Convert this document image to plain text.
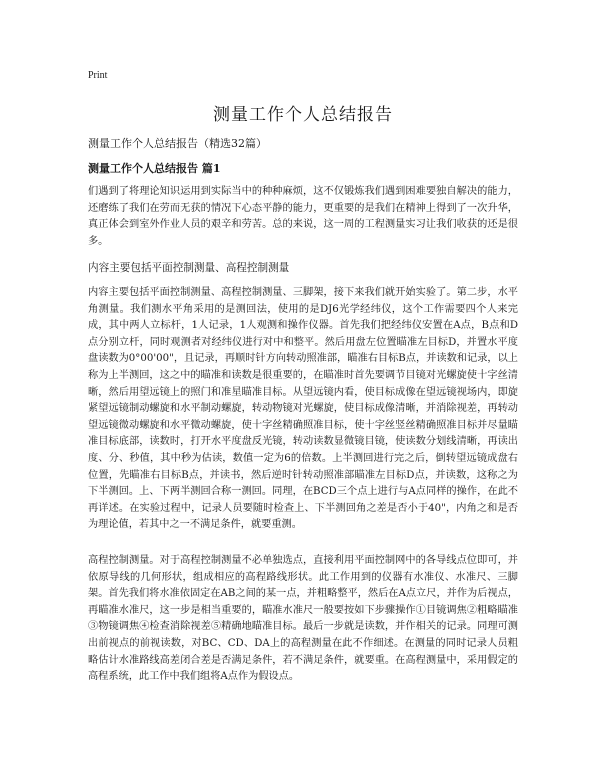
Print
测量工作个人总结报告
测量工作个人总结报告（精选32篇）
测量工作个人总结报告 篇1

们遇到了将理论知识运用到实际当中的种种麻烦，这不仅锻炼我们遇到困难要独自解决的能力，还磨练了我们在劳而无获的情况下心态平静的能力，更重要的是我们在精神上得到了一次升华，真正体会到室外作业人员的艰辛和劳苦。总的来说，这一周的工程测量实习让我们收获的还是很多。

内容主要包括平面控制测量、高程控制测量

内容主要包括平面控制测量、高程控制测量、三脚架，接下来我们就开始实验了。第二步，水平角测量。我们测水平角采用的是测回法，使用的是DJ6光学经纬仪，这个工作需要四个人来完成，其中两人立标杆，1人记录，1人观测和操作仪器。首先我们把经纬仪安置在A点，B点和D点分别立杆，同时观测者对经纬仪进行对中和整平。然后用盘左位置瞄准左目标D，并置水平度盘读数为0°00'00"，且记录，再顺时针方向转动照准部，瞄准右目标B点，并读数和记录，以上称为上半测回，这之中的瞄准和读数是很重要的，在瞄准时首先要调节目镜对光螺旋使十字丝清晰，然后用望远镜上的照门和准星瞄准目标。从望远镜内看，使目标成像在望远镜视场内，即旋紧望远镜制动螺旋和水平制动螺旋，转动物镜对光螺旋，使目标成像清晰，并消除视差，再转动望远镜微动螺旋和水平微动螺旋，使十字丝精确照准目标，使十字丝竖丝精确照准目标并尽量瞄准目标底部，读数时，打开水平度盘反光镜，转动读数显微镜目镜，使读数分划线清晰，再读出度、分、秒值，其中秒为估读，数值一定为6的倍数。上半测回进行完之后，倒转望远镜成盘右位置，先瞄准右目标B点，并读书，然后逆时针转动照准部瞄准左目标D点，并读数，这称之为下半测回。上、下两半测回合称一测回。同理，在BCD三个点上进行与A点同样的操作，在此不再详述。在实验过程中，记录人员要随时检查上、下半测回角之差是否小于40"，内角之和是否为理论值，若其中之一不满足条件，就要重测。

高程控制测量。对于高程控制测量不必单独选点，直接利用平面控制网中的各导线点位即可，并依原导线的几何形状，组成相应的高程路线形状。此工作用到的仪器有水准仪、水准尺、三脚架。首先我们将水准依固定在AB之间的某一点，并粗略整平，然后在A点立尺，并作为后视点，再瞄准水准尺，这一步是相当重要的，瞄准水准尺一般要按如下步骤操作①目镜调焦②粗略瞄准③物镜调焦④检查消除视差⑤精确地瞄准目标。最后一步就是读数，并作相关的记录。同理可测出前视点的前视读数，对BC、CD、DA上的高程测量在此不作细述。在测量的同时记录人员粗略估计水准路线高差闭合差是否满足条件，若不满足条件，就要重。在高程测量中，采用假定的高程系统，此工作中我们组将A点作为假设点。
